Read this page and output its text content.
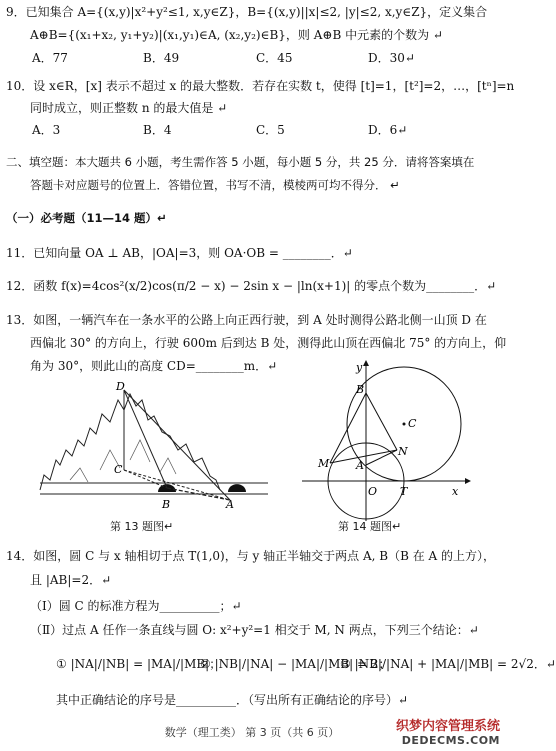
9．已知集合 A={(x,y)|x²+y²≤1, x,y∈Z}，B={(x,y)||x|≤2, |y|≤2, x,y∈Z}，定义集合
A⊕B={(x₁+x₂, y₁+y₂)|(x₁,y₁)∈A, (x₂,y₂)∈B}，则 A⊕B 中元素的个数为 ↵
A．77	B．49	C．45	D．30↵
10．设 x∈R，[x] 表示不超过 x 的最大整数．若存在实数 t，使得 [t]=1，[t²]=2，…，[tⁿ]=n
同时成立，则正整数 n 的最大值是 ↵
A．3	B．4	C．5	D．6↵
二、填空题：本大题共 6 小题，考生需作答 5 小题，每小题 5 分，共 25 分．请将答案填在
答题卡对应题号的位置上．答错位置，书写不清，模棱两可均不得分． ↵
（一）必考题（11—14 题）↵
11．已知向量 OA ⊥ AB，|OA|=3，则 OA·OB = ________．↵
12．函数 f(x)=4cos²(x/2)cos(π/2 − x) − 2sin x − |ln(x+1)| 的零点个数为________．↵
13．如图，一辆汽车在一条水平的公路上向正西行驶，到 A 处时测得公路北侧一山顶 D 在
西偏北 30° 的方向上，行驶 600m 后到达 B 处，测得此山顶在西偏北 75° 的方向上，仰
角为 30°，则此山的高度 CD=________m．↵
D
C
B	A
第 13 题图↵
y
B
C
N
M A
O T	x
第 14 题图↵
14．如图，圆 C 与 x 轴相切于点 T(1,0)，与 y 轴正半轴交于两点 A, B（B 在 A 的上方），
且 |AB|=2．↵
（Ⅰ）圆 C 的标准方程为__________；↵
（Ⅱ）过点 A 任作一条直线与圆 O: x²+y²=1 相交于 M, N 两点，下列三个结论：↵
① |NA|/|NB| = |MA|/|MB|；
② |NB|/|NA| − |MA|/|MB| = 2；
③ |NB|/|NA| + |MA|/|MB| = 2√2．↵
其中正确结论的序号是__________．（写出所有正确结论的序号）↵
数学（理工类） 第 3 页（共 6 页）	织梦内容管理系统
DEDECMS.COM
